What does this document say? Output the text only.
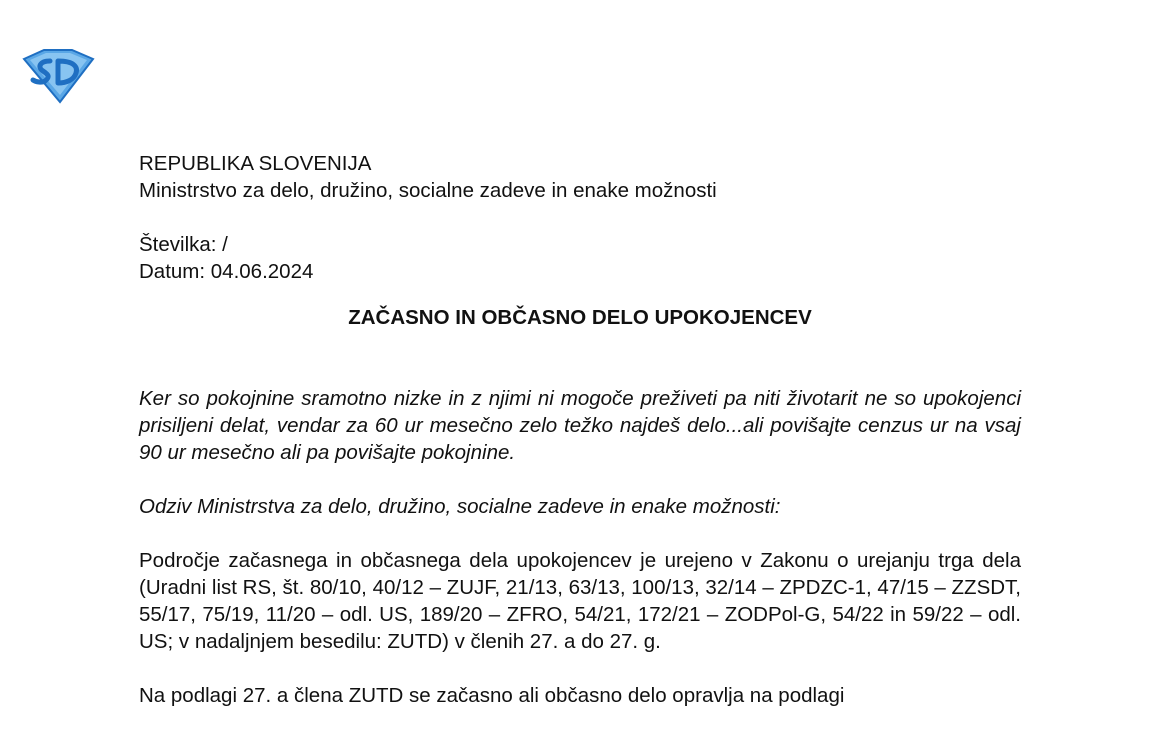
REPUBLIKA SLOVENIJA

Ministrstvo za delo, družino, socialne zadeve in enake možnosti

Številka: /

Datum: 04.06.2024

ZAČASNO IN OBČASNO DELO UPOKOJENCEV

Ker so pokojnine sramotno nizke in z njimi ni mogoče preživeti pa niti životarit ne so upokojenci prisiljeni delat, vendar za 60 ur mesečno zelo težko najdeš delo...ali povišajte cenzus ur na vsaj 90 ur mesečno ali pa povišajte pokojnine.

Odziv Ministrstva za delo, družino, socialne zadeve in enake možnosti:

Področje začasnega in občasnega dela upokojencev je urejeno v Zakonu o urejanju trga dela (Uradni list RS, št. 80/10, 40/12 – ZUJF, 21/13, 63/13, 100/13, 32/14 – ZPDZC-1, 47/15 – ZZSDT, 55/17, 75/19, 11/20 – odl. US, 189/20 – ZFRO, 54/21, 172/21 – ZODPol-G, 54/22 in 59/22 – odl. US; v nadaljnjem besedilu: ZUTD) v členih 27. a do 27. g.

Na podlagi 27. a člena ZUTD se začasno ali občasno delo opravlja na podlagi
